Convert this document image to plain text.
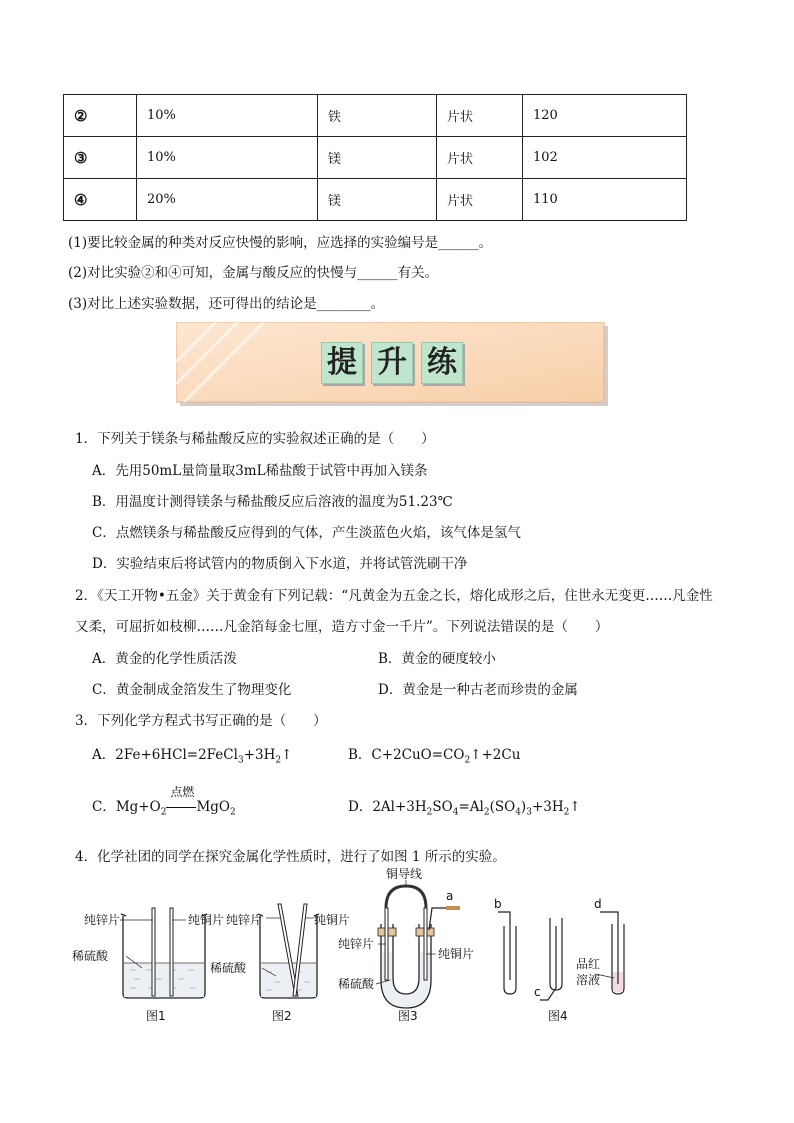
②	10%	铁	片状	120
③	10%	镁	片状	102
④	20%	镁	片状	110
(1)要比较金属的种类对反应快慢的影响，应选择的实验编号是______。
(2)对比实验②和④可知，金属与酸反应的快慢与______有关。
(3)对比上述实验数据，还可得出的结论是________。
提 升 练
1．下列关于镁条与稀盐酸反应的实验叙述正确的是（　　）
A．先用50mL量筒量取3mL稀盐酸于试管中再加入镁条
B．用温度计测得镁条与稀盐酸反应后溶液的温度为51.23℃
C．点燃镁条与稀盐酸反应得到的气体，产生淡蓝色火焰，该气体是氢气
D．实验结束后将试管内的物质倒入下水道，并将试管洗刷干净
2．《天工开物•五金》关于黄金有下列记载：“凡黄金为五金之长，熔化成形之后，住世永无变更……凡金性
又柔，可屈折如枝柳……凡金箔每金七厘，造方寸金一千片”。下列说法错误的是（　　）
A．黄金的化学性质活泼	B．黄金的硬度较小
C．黄金制成金箔发生了物理变化	D．黄金是一种古老而珍贵的金属
3．下列化学方程式书写正确的是（　　）
A．$2Fe+6HCl=2FeCl_3+3H_2↑$	B．$C+2CuO=CO_2↑+2Cu$
C．$Mg+O_2$
点燃
MgO$_2$	D．$2Al+3H_2SO_4=Al_2(SO_4)_3+3H_2↑$
4．化学社团的同学在探究金属化学性质时，进行了如图 1 所示的实验。
纯锌片	纯铜片
稀硫酸
图1
纯锌片	纯铜片
稀硫酸
图2
铜导线
a
纯锌片
纯铜片
稀硫酸
图3
b
c
d
品红
溶液
图4
